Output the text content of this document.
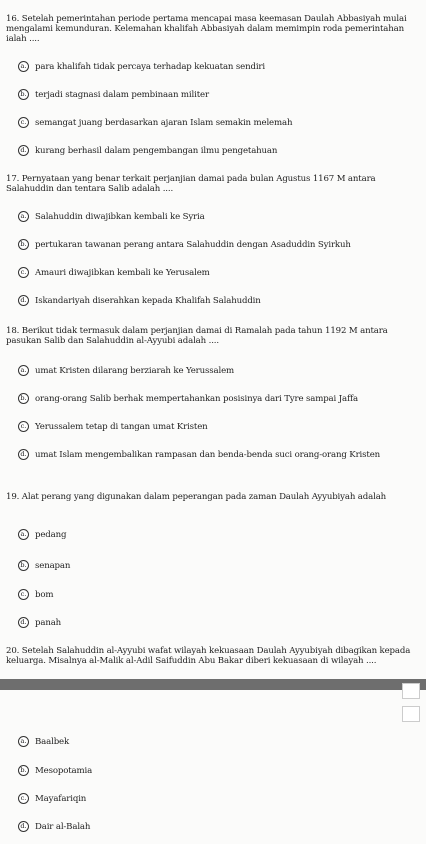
16. Setelah pemerintahan periode pertama mencapai masa keemasan Daulah Abbasiyah mulai mengalami kemunduran. Kelemahan khalifah Abbasiyah dalam memimpin roda pemerintahan ialah ....
a. para khalifah tidak percaya terhadap kekuatan sendiri
b. terjadi stagnasi dalam pembinaan militer
c.	semangat juang berdasarkan ajaran Islam semakin melemah
d. kurang berhasil dalam pengembangan ilmu pengetahuan
17. Pernyataan yang benar terkait perjanjian damai pada bulan Agustus 1167 M antara Salahuddin dan tentara Salib adalah ....
a. Salahuddin diwajibkan kembali ke Syria
b. pertukaran tawanan perang antara Salahuddin dengan Asaduddin Syirkuh
c.	Amauri diwajibkan kembali ke Yerusalem
d. Iskandariyah diserahkan kepada Khalifah Salahuddin
18. Berikut tidak termasuk dalam perjanjian damai di Ramalah pada tahun 1192 M antara pasukan Salib dan Salahuddin al-Ayyubi adalah ....
a. umat Kristen dilarang berziarah ke Yerussalem
b. orang-orang Salib berhak mempertahankan posisinya dari Tyre sampai Jaffa
c.	Yerussalem tetap di tangan umat Kristen
d. umat Islam mengembalikan rampasan dan benda-benda suci orang-orang Kristen
19. Alat perang yang digunakan dalam peperangan pada zaman Daulah Ayyubiyah adalah
a. pedang
b. senapan
c.	bom
d. panah
20. Setelah Salahuddin al-Ayyubi wafat wilayah kekuasaan Daulah Ayyubiyah dibagikan kepada keluarga. Misalnya al-Malik al-Adil Saifuddin Abu Bakar diberi kekuasaan di wilayah ....
a. Baalbek
b. Mesopotamia
c.	Mayafariqin
d. Dair al-Balah
